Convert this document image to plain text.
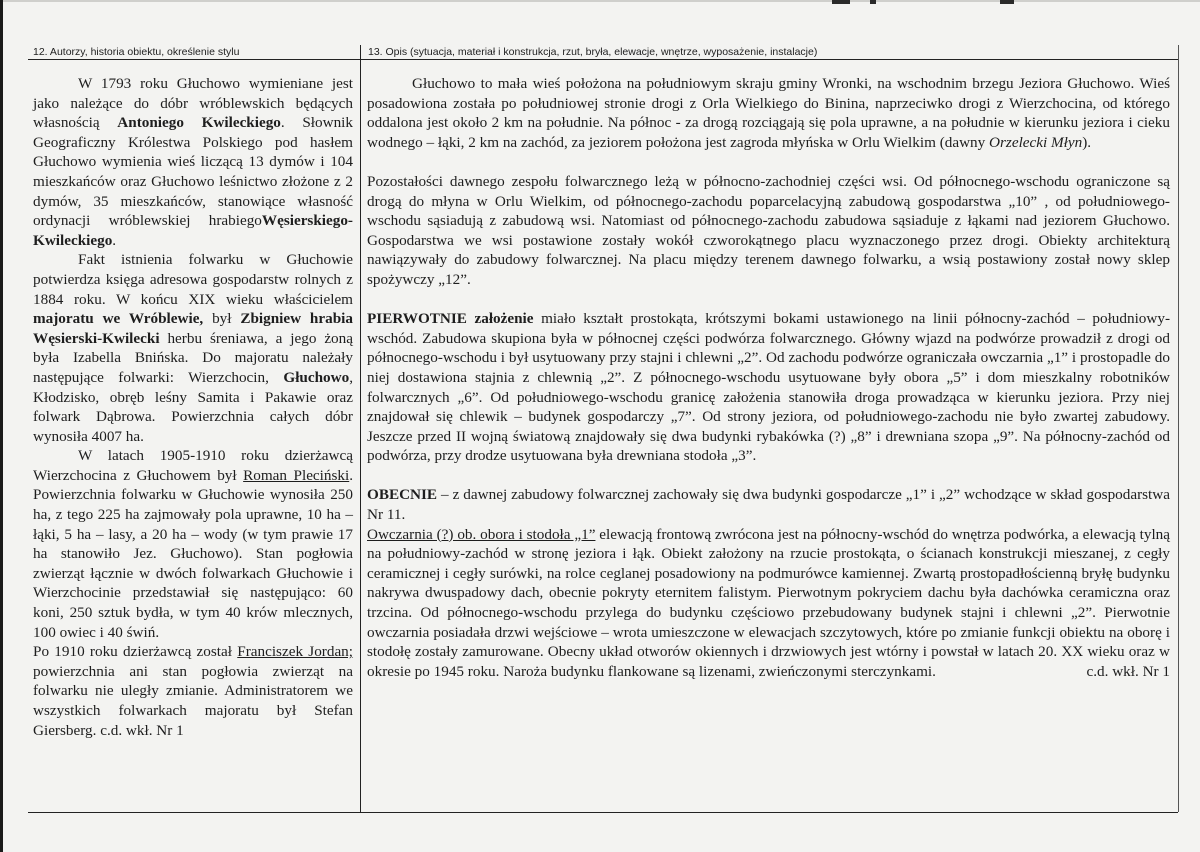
12. Autorzy, historia obiektu, określenie stylu	13. Opis (sytuacja, materiał i konstrukcja, rzut, bryła, elewacje, wnętrze, wyposażenie, instalacje)

W 1793 roku Głuchowo wymieniane jest jako należące do dóbr wróblewskich będących własnością Antoniego Kwileckiego. Słownik Geograficzny Królestwa Polskiego pod hasłem Głuchowo wymienia wieś liczącą 13 dymów i 104 mieszkańców oraz Głuchowo leśnictwo złożone z 2 dymów, 35 mieszkańców, stanowiące własność ordynacji wróblewskiej hrabiegoWęsierskiego-Kwileckiego.

Fakt istnienia folwarku w Głuchowie potwierdza księga adresowa gospodarstw rolnych z 1884 roku. W końcu XIX wieku właścicielem majoratu we Wróblewie, był Zbigniew hrabia Węsierski-Kwilecki herbu śreniawa, a jego żoną była Izabella Bnińska. Do majoratu należały następujące folwarki: Wierzchocin, Głuchowo, Kłodzisko, obręb leśny Samita i Pakawie oraz folwark Dąbrowa. Powierzchnia całych dóbr wynosiła 4007 ha.

W latach 1905-1910 roku dzierżawcą Wierzchocina z Głuchowem był Roman Pleciński. Powierzchnia folwarku w Głuchowie wynosiła 250 ha, z tego 225 ha zajmowały pola uprawne, 10 ha – łąki, 5 ha – lasy, a 20 ha – wody (w tym prawie 17 ha stanowiło Jez. Głuchowo). Stan pogłowia zwierząt łącznie w dwóch folwarkach Głuchowie i Wierzchocinie przedstawiał się następująco: 60 koni, 250 sztuk bydła, w tym 40 krów mlecznych, 100 owiec i 40 świń.

Po 1910 roku dzierżawcą został Franciszek Jordan; powierzchnia ani stan pogłowia zwierząt na folwarku nie uległy zmianie. Administratorem we wszystkich folwarkach majoratu był Stefan Giersberg. c.d. wkł. Nr 1

Głuchowo to mała wieś położona na południowym skraju gminy Wronki, na wschodnim brzegu Jeziora Głuchowo. Wieś posadowiona została po południowej stronie drogi z Orla Wielkiego do Binina, naprzeciwko drogi z Wierzchocina, od którego oddalona jest około 2 km na południe. Na północ - za drogą rozciągają się pola uprawne, a na południe w kierunku jeziora i cieku wodnego – łąki, 2 km na zachód, za jeziorem położona jest zagroda młyńska w Orlu Wielkim (dawny Orzelecki Młyn).

Pozostałości dawnego zespołu folwarcznego leżą w północno-zachodniej części wsi. Od północnego-wschodu ograniczone są drogą do młyna w Orlu Wielkim, od północnego-zachodu poparcelacyjną zabudową gospodarstwa „10” , od południowego-wschodu sąsiadują z zabudową wsi. Natomiast od północnego-zachodu zabudowa sąsiaduje z łąkami nad jeziorem Głuchowo. Gospodarstwa we wsi postawione zostały wokół czworokątnego placu wyznaczonego przez drogi. Obiekty architekturą nawiązywały do zabudowy folwarcznej. Na placu między terenem dawnego folwarku, a wsią postawiony został nowy sklep spożywczy „12”.

PIERWOTNIE założenie miało kształt prostokąta, krótszymi bokami ustawionego na linii północny-zachód – południowy-wschód. Zabudowa skupiona była w północnej części podwórza folwarcznego. Główny wjazd na podwórze prowadził z drogi od północnego-wschodu i był usytuowany przy stajni i chlewni „2”. Od zachodu podwórze ograniczała owczarnia „1” i prostopadle do niej dostawiona stajnia z chlewnią „2”. Z północnego-wschodu usytuowane były obora „5” i dom mieszkalny robotników folwarcznych „6”. Od południowego-wschodu granicę założenia stanowiła droga prowadząca w kierunku jeziora. Przy niej znajdował się chlewik – budynek gospodarczy „7”. Od strony jeziora, od południowego-zachodu nie było zwartej zabudowy. Jeszcze przed II wojną światową znajdowały się dwa budynki rybakówka (?) „8” i drewniana szopa „9”. Na północny-zachód od podwórza, przy drodze usytuowana była drewniana stodoła „3”.

OBECNIE – z dawnej zabudowy folwarcznej zachowały się dwa budynki gospodarcze „1” i „2” wchodzące w skład gospodarstwa Nr 11.

Owczarnia (?) ob. obora i stodoła „1” elewacją frontową zwrócona jest na północny-wschód do wnętrza podwórka, a elewacją tylną na południowy-zachód w stronę jeziora i łąk. Obiekt założony na rzucie prostokąta, o ścianach konstrukcji mieszanej, z cegły ceramicznej i cegły surówki, na rolce ceglanej posadowiony na podmurówce kamiennej. Zwartą prostopadłościenną bryłę budynku nakrywa dwuspadowy dach, obecnie pokryty eternitem falistym. Pierwotnym pokryciem dachu była dachówka ceramiczna oraz trzcina. Od północnego-wschodu przylega do budynku częściowo przebudowany budynek stajni i chlewni „2”. Pierwotnie owczarnia posiadała drzwi wejściowe – wrota umieszczone w elewacjach szczytowych, które po zmianie funkcji obiektu na oborę i stodołę zostały zamurowane. Obecny układ otworów okiennych i drzwiowych jest wtórny i powstał w latach 20. XX wieku oraz w okresie po 1945 roku. Naroża budynku flankowane są lizenami, zwieńczonymi sterczynkami.	c.d. wkł. Nr 1
